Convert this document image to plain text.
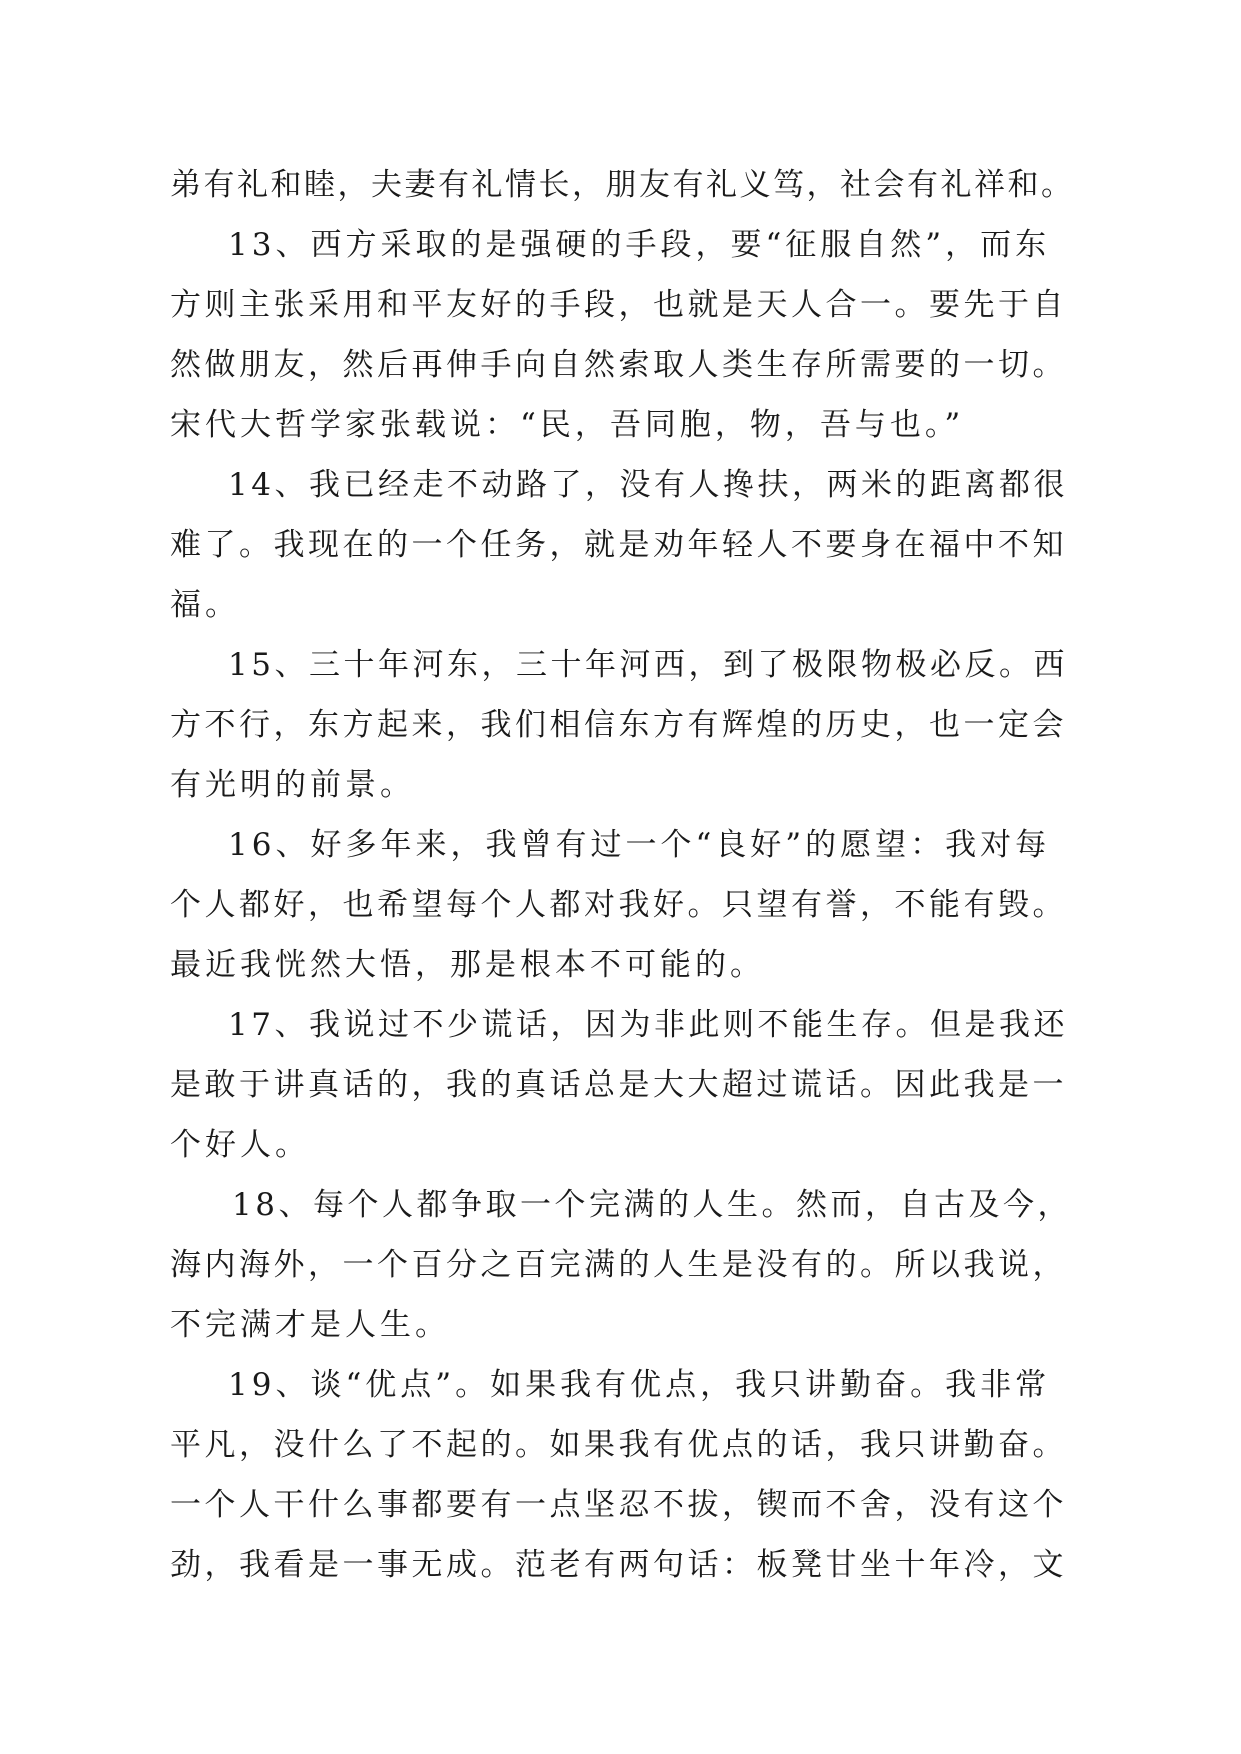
弟有礼和睦，夫妻有礼情长，朋友有礼义笃，社会有礼祥和。
13、西方采取的是强硬的手段，要“征服自然”，而东
方则主张采用和平友好的手段，也就是天人合一。要先于自
然做朋友，然后再伸手向自然索取人类生存所需要的一切。
宋代大哲学家张载说：“民，吾同胞，物，吾与也。”
14、我已经走不动路了，没有人搀扶，两米的距离都很
难了。我现在的一个任务，就是劝年轻人不要身在福中不知
福。
15、三十年河东，三十年河西，到了极限物极必反。西
方不行，东方起来，我们相信东方有辉煌的历史，也一定会
有光明的前景。
16、好多年来，我曾有过一个“良好”的愿望：我对每
个人都好，也希望每个人都对我好。只望有誉，不能有毁。
最近我恍然大悟，那是根本不可能的。
17、我说过不少谎话，因为非此则不能生存。但是我还
是敢于讲真话的，我的真话总是大大超过谎话。因此我是一
个好人。
18、每个人都争取一个完满的人生。然而，自古及今，
海内海外，一个百分之百完满的人生是没有的。所以我说，
不完满才是人生。
19、谈“优点”。如果我有优点，我只讲勤奋。我非常
平凡，没什么了不起的。如果我有优点的话，我只讲勤奋。
一个人干什么事都要有一点坚忍不拔，锲而不舍，没有这个
劲，我看是一事无成。范老有两句话：板凳甘坐十年冷，文
